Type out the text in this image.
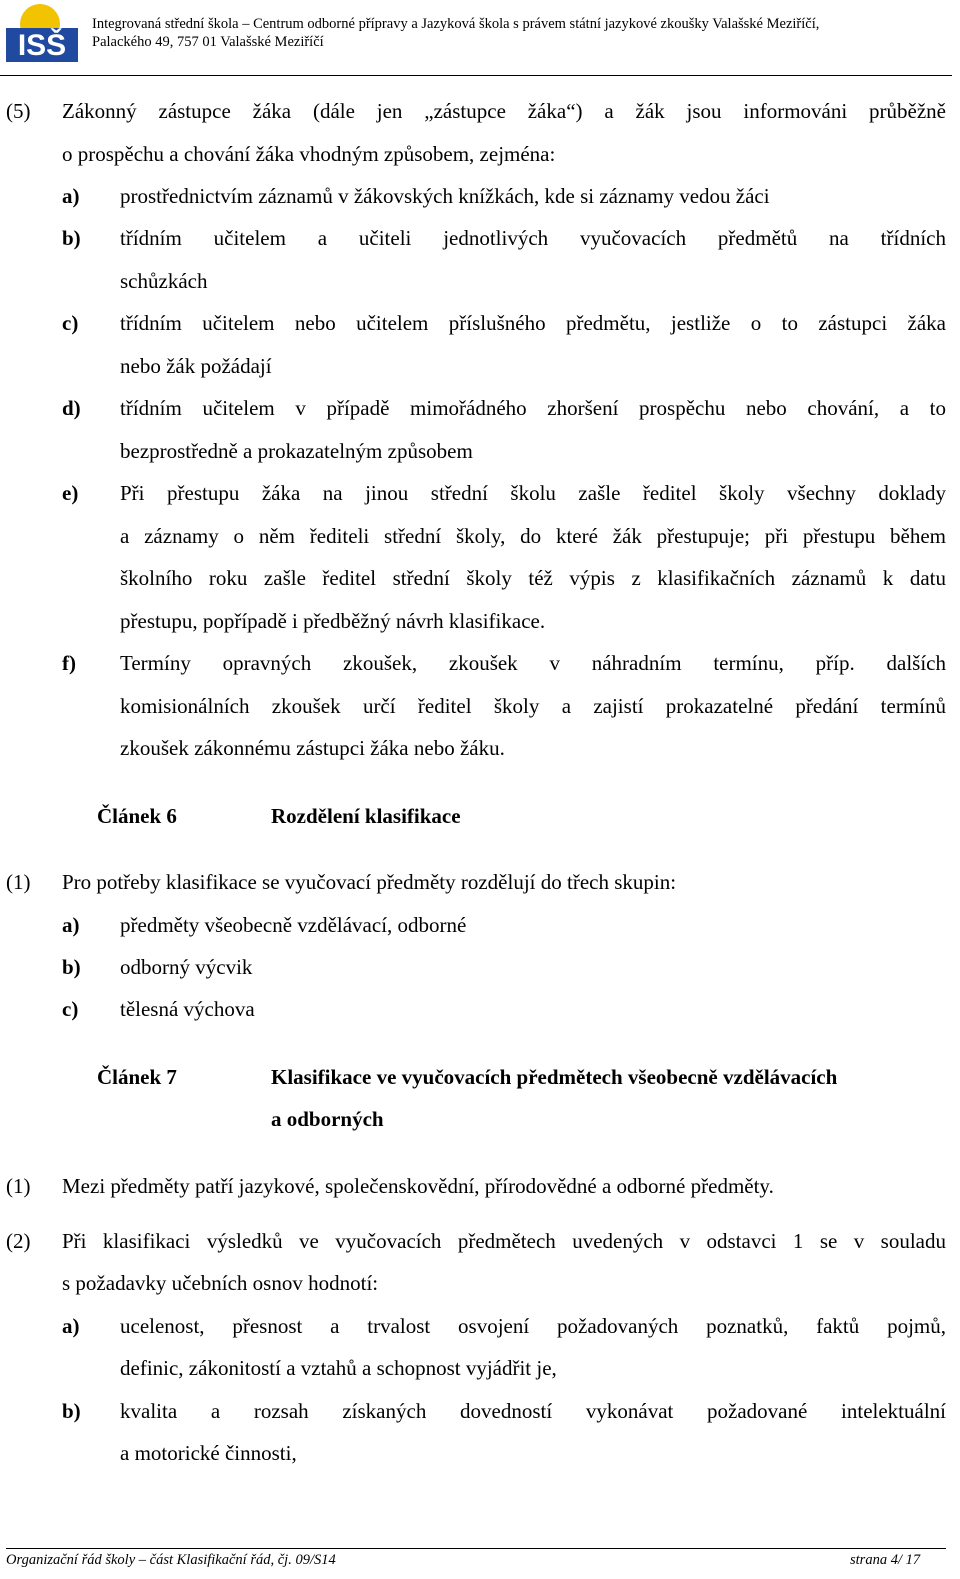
ISŠ
Integrovaná střední škola – Centrum odborné přípravy a Jazyková škola s právem státní jazykové zkoušky Valašské Meziříčí,
Palackého 49, 757 01 Valašské Meziříčí
(5) Zákonný zástupce žáka (dále jen „zástupce žáka“) a žák jsou informováni průběžně
o prospěchu a chování žáka vhodným způsobem, zejména:
a) prostřednictvím záznamů v žákovských knížkách, kde si záznamy vedou žáci
b) třídním učitelem a učiteli jednotlivých vyučovacích předmětů na třídních
schůzkách
c) třídním učitelem nebo učitelem příslušného předmětu, jestliže o to zástupci žáka
nebo žák požádají
d) třídním učitelem v případě mimořádného zhoršení prospěchu nebo chování, a to
bezprostředně a prokazatelným způsobem
e) Při přestupu žáka na jinou střední školu zašle ředitel školy všechny doklady
a záznamy o něm řediteli střední školy, do které žák přestupuje; při přestupu během
školního roku zašle ředitel střední školy též výpis z klasifikačních záznamů k datu
přestupu, popřípadě i předběžný návrh klasifikace.
f) Termíny opravných zkoušek, zkoušek v náhradním termínu, příp. dalších
komisionálních zkoušek určí ředitel školy a zajistí prokazatelné předání termínů
zkoušek zákonnému zástupci žáka nebo žáku.
Článek 6	Rozdělení klasifikace
(1) Pro potřeby klasifikace se vyučovací předměty rozdělují do třech skupin:
a) předměty všeobecně vzdělávací, odborné
b) odborný výcvik
c) tělesná výchova
Článek 7	Klasifikace ve vyučovacích předmětech všeobecně vzdělávacích
a odborných
(1) Mezi předměty patří jazykové, společenskovědní, přírodovědné a odborné předměty.
(2) Při klasifikaci výsledků ve vyučovacích předmětech uvedených v odstavci 1 se v souladu
s požadavky učebních osnov hodnotí:
a) ucelenost, přesnost a trvalost osvojení požadovaných poznatků, faktů pojmů,
definic, zákonitostí a vztahů a schopnost vyjádřit je,
b) kvalita a rozsah získaných dovedností vykonávat požadované intelektuální
a motorické činnosti,
Organizační řád školy – část Klasifikační řád, čj. 09/S14	strana 4/ 17
